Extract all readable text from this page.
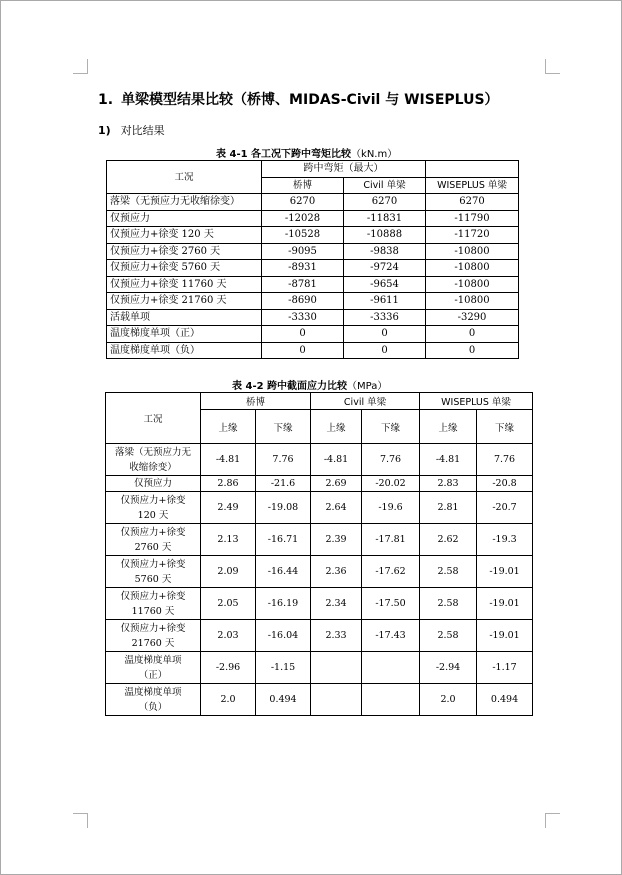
1. 单梁模型结果比较（桥博、MIDAS-Civil 与 WISEPLUS）

1) 对比结果

表 4-1 各工况下跨中弯矩比较（kN.m）

工况	跨中弯矩（最大）		
	桥博	Civil 单梁	WISEPLUS 单梁
落梁（无预应力无收缩徐变）	6270	6270	6270
仅预应力	-12028	-11831	-11790
仅预应力+徐变 120 天	-10528	-10888	-11720
仅预应力+徐变 2760 天	-9095	-9838	-10800
仅预应力+徐变 5760 天	-8931	-9724	-10800
仅预应力+徐变 11760 天	-8781	-9654	-10800
仅预应力+徐变 21760 天	-8690	-9611	-10800
活载单项	-3330	-3336	-3290
温度梯度单项（正）	0	0	0
温度梯度单项（负）	0	0	0

表 4-2 跨中截面应力比较（MPa）

工况	桥博		Civil 单梁		WISEPLUS 单梁	
	上缘	下缘	上缘	下缘	上缘	下缘
落梁（无预应力无
收缩徐变）	-4.81	7.76	-4.81	7.76	-4.81	7.76
仅预应力	2.86	-21.6	2.69	-20.02	2.83	-20.8
仅预应力+徐变
120 天	2.49	-19.08	2.64	-19.6	2.81	-20.7
仅预应力+徐变
2760 天	2.13	-16.71	2.39	-17.81	2.62	-19.3
仅预应力+徐变
5760 天	2.09	-16.44	2.36	-17.62	2.58	-19.01
仅预应力+徐变
11760 天	2.05	-16.19	2.34	-17.50	2.58	-19.01
仅预应力+徐变
21760 天	2.03	-16.04	2.33	-17.43	2.58	-19.01
温度梯度单项
（正）	-2.96	-1.15			-2.94	-1.17
温度梯度单项
（负）	2.0	0.494			2.0	0.494
